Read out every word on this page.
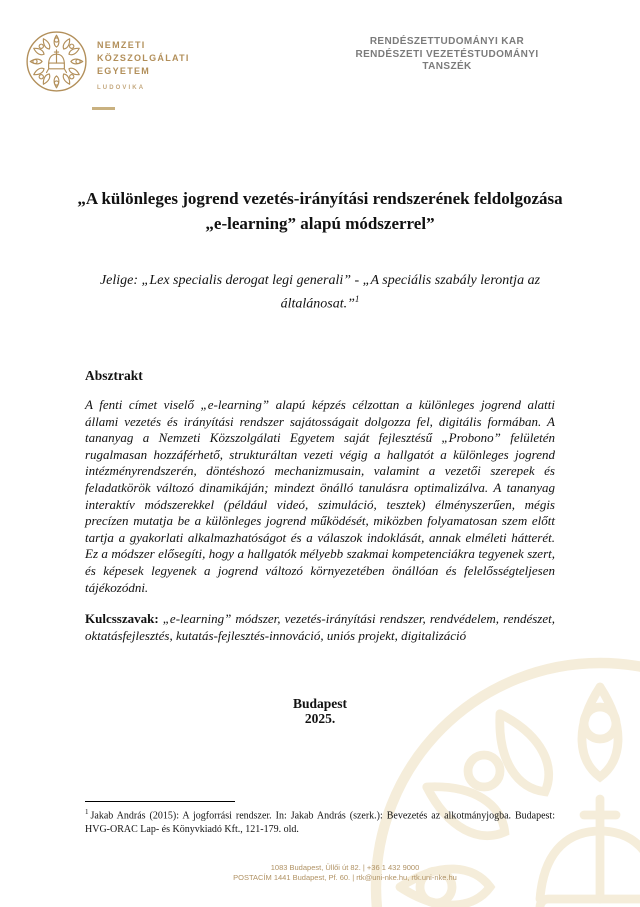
NEMZETI
KÖZSZOLGÁLATI
EGYETEM
LUDOVIKA
RENDÉSZETTUDOMÁNYI KAR
RENDÉSZETI VEZETÉSTUDOMÁNYI
TANSZÉK
„A különleges jogrend vezetés-irányítási rendszerének feldolgozása „e-learning” alapú módszerrel”
Jelige: „Lex specialis derogat legi generali” - „A speciális szabály lerontja az általánosat.”$^1$
Absztrakt

A fenti címet viselő „e-learning” alapú képzés célzottan a különleges jogrend alatti állami vezetés és irányítási rendszer sajátosságait dolgozza fel, digitális formában. A tananyag a Nemzeti Közszolgálati Egyetem saját fejlesztésű „Probono” felületén rugalmasan hozzáférhető, strukturáltan vezeti végig a hallgatót a különleges jogrend intézményrendszerén, döntéshozó mechanizmusain, valamint a vezetői szerepek és feladatkörök változó dinamikáján; mindezt önálló tanulásra optimalizálva. A tananyag interaktív módszerekkel (például videó, szimuláció, tesztek) élményszerűen, mégis precízen mutatja be a különleges jogrend működését, miközben folyamatosan szem előtt tartja a gyakorlati alkalmazhatóságot és a válaszok indoklását, annak elméleti hátterét. Ez a módszer elősegíti, hogy a hallgatók mélyebb szakmai kompetenciákra tegyenek szert, és képesek legyenek a jogrend változó környezetében önállóan és felelősségteljesen tájékozódni.

Kulcsszavak: „e-learning” módszer, vezetés-irányítási rendszer, rendvédelem, rendészet, oktatásfejlesztés, kutatás-fejlesztés-innováció, uniós projekt, digitalizáció

Budapest
2025.
$^1$ Jakab András (2015): A jogforrási rendszer. In: Jakab András (szerk.): Bevezetés az alkotmányjogba. Budapest: HVG-ORAC Lap- és Könyvkiadó Kft., 121-179. old.
1083 Budapest, Üllői út 82. | +36 1 432 9000
POSTACÍM 1441 Budapest, Pf. 60. | rtk@uni-nke.hu, rtk.uni-nke.hu
